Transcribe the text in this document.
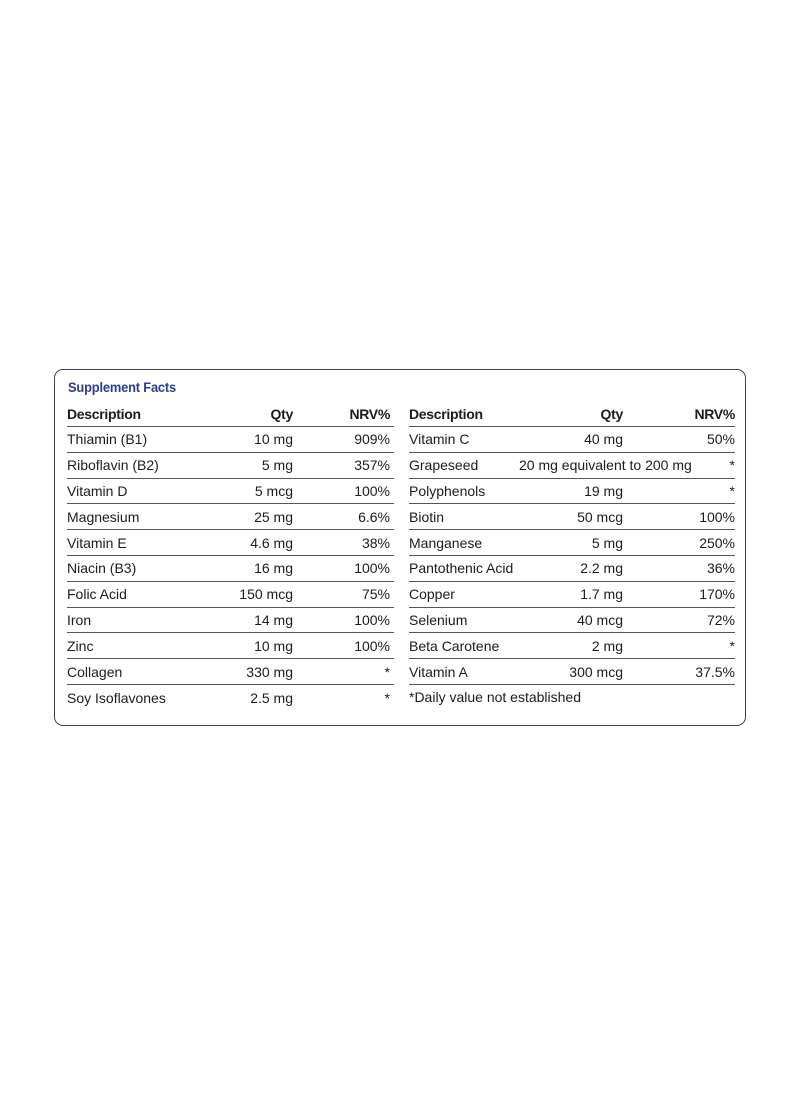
Supplement Facts
Description	Qty	NRV%
Thiamin (B1)	10 mg	909%
Riboflavin (B2)	5 mg	357%
Vitamin D	5 mcg	100%
Magnesium	25 mg	6.6%
Vitamin E	4.6 mg	38%
Niacin (B3)	16 mg	100%
Folic Acid	150 mcg	75%
Iron	14 mg	100%
Zinc	10 mg	100%
Collagen	330 mg	*
Soy Isoflavones	2.5 mg	*
Description	Qty	NRV%
Vitamin C	40 mg	50%
Grapeseed	20 mg equivalent to 200 mg	*
Polyphenols	19 mg	*
Biotin	50 mcg	100%
Manganese	5 mg	250%
Pantothenic Acid	2.2 mg	36%
Copper	1.7 mg	170%
Selenium	40 mcg	72%
Beta Carotene	2 mg	*
Vitamin A	300 mcg	37.5%
*Daily value not established
